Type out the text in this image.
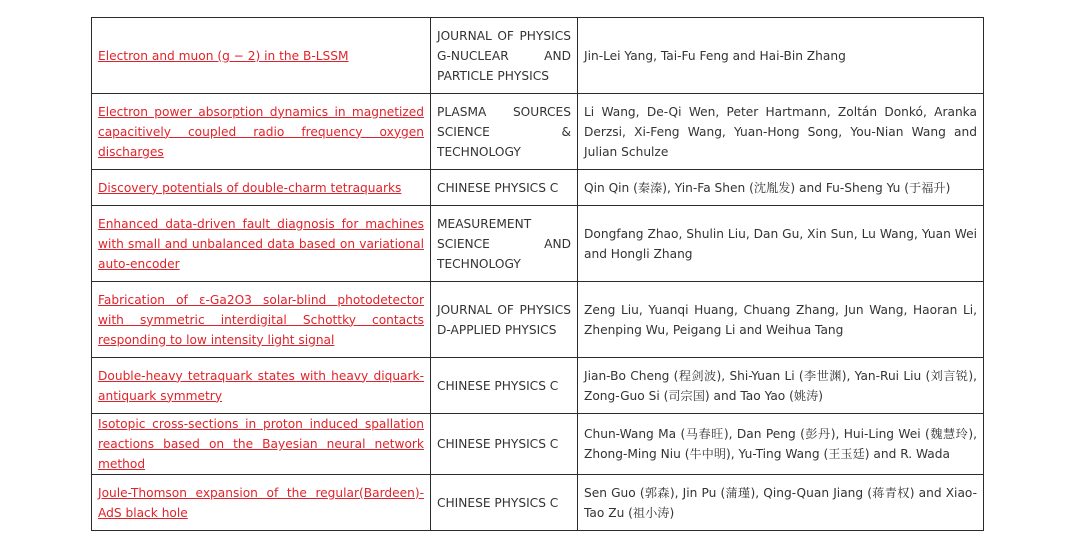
Electron and muon (g − 2) in the B-LSSM	JOURNAL OF PHYSICS G-NUCLEAR AND PARTICLE PHYSICS	Jin-Lei Yang, Tai-Fu Feng and Hai-Bin Zhang
Electron power absorption dynamics in magnetized capacitively coupled radio frequency oxygen discharges	PLASMA SOURCES SCIENCE & TECHNOLOGY	Li Wang, De-Qi Wen, Peter Hartmann, Zoltán Donkó, Aranka Derzsi, Xi-Feng Wang, Yuan-Hong Song, You-Nian Wang and Julian Schulze
Discovery potentials of double-charm tetraquarks	CHINESE PHYSICS C	Qin Qin (秦溱), Yin-Fa Shen (沈胤发) and Fu-Sheng Yu (于福升)
Enhanced data-driven fault diagnosis for machines with small and unbalanced data based on variational auto-encoder	MEASUREMENT SCIENCE AND TECHNOLOGY	Dongfang Zhao, Shulin Liu, Dan Gu, Xin Sun, Lu Wang, Yuan Wei and Hongli Zhang
Fabrication of ε-Ga2O3 solar-blind photodetector with symmetric interdigital Schottky contacts responding to low intensity light signal	JOURNAL OF PHYSICS D-APPLIED PHYSICS	Zeng Liu, Yuanqi Huang, Chuang Zhang, Jun Wang, Haoran Li, Zhenping Wu, Peigang Li and Weihua Tang
Double-heavy tetraquark states with heavy diquark-antiquark symmetry	CHINESE PHYSICS C	Jian-Bo Cheng (程剑波), Shi-Yuan Li (李世渊), Yan-Rui Liu (刘言锐), Zong-Guo Si (司宗国) and Tao Yao (姚涛)
Isotopic cross-sections in proton induced spallation reactions based on the Bayesian neural network method	CHINESE PHYSICS C	Chun-Wang Ma (马春旺), Dan Peng (彭丹), Hui-Ling Wei (魏慧玲), Zhong-Ming Niu (牛中明), Yu-Ting Wang (王玉廷) and R. Wada
Joule-Thomson expansion of the regular(Bardeen)-AdS black hole	CHINESE PHYSICS C	Sen Guo (郭森), Jin Pu (蒲瑾), Qing-Quan Jiang (蒋青权) and Xiao-Tao Zu (祖小涛)
